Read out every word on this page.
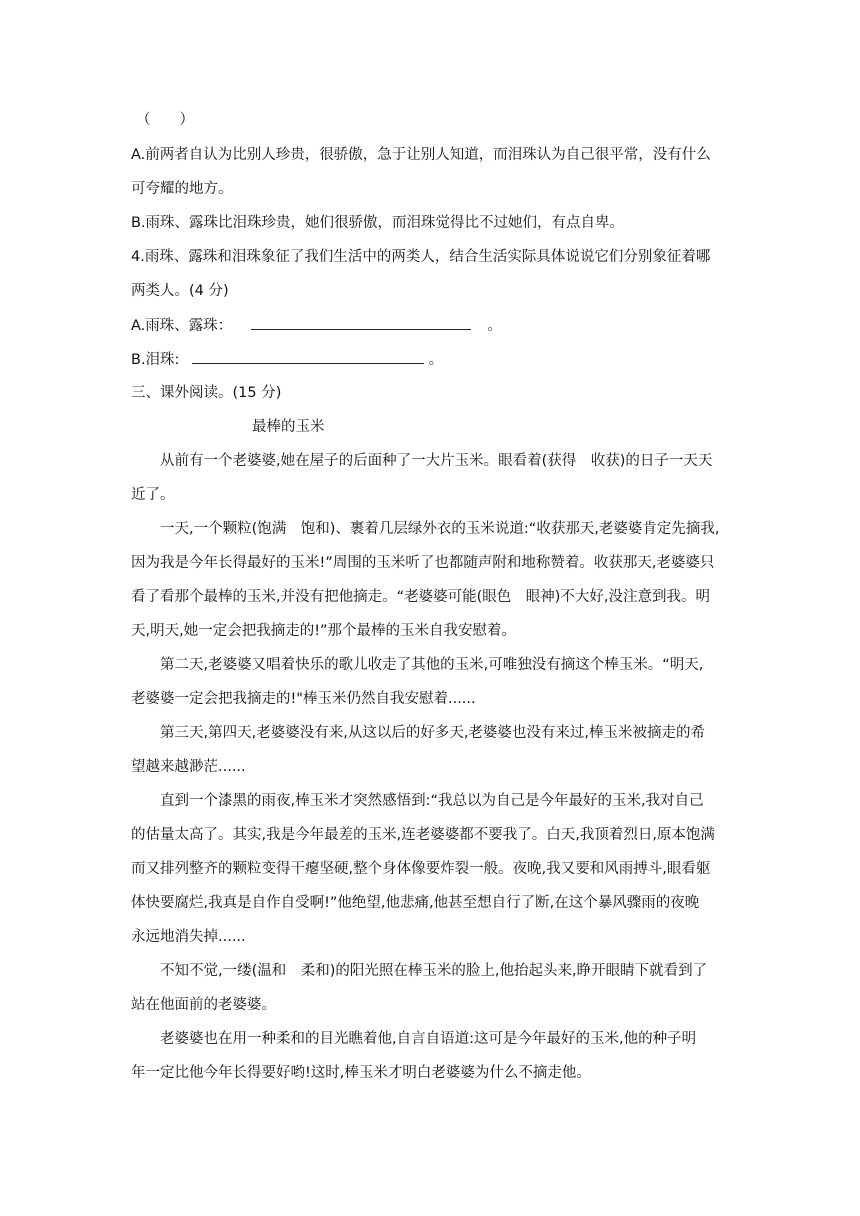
（　　）
A.前两者自认为比别人珍贵，很骄傲，急于让别人知道，而泪珠认为自己很平常，没有什么
可夸耀的地方。
B.雨珠、露珠比泪珠珍贵，她们很骄傲，而泪珠觉得比不过她们，有点自卑。
4.雨珠、露珠和泪珠象征了我们生活中的两类人，结合生活实际具体说说它们分别象征着哪
两类人。(4 分)
A.雨珠、露珠：	。
B.泪珠:	。
三、课外阅读。(15 分)
最棒的玉米
从前有一个老婆婆,她在屋子的后面种了一大片玉米。眼看着(获得　收获)的日子一天天
近了。
一天,一个颗粒(饱满　饱和)、裹着几层绿外衣的玉米说道:“收获那天,老婆婆肯定先摘我,
因为我是今年长得最好的玉米!”周围的玉米听了也都随声附和地称赞着。收获那天,老婆婆只
看了看那个最棒的玉米,并没有把他摘走。“老婆婆可能(眼色　眼神)不大好,没注意到我。明
天,明天,她一定会把我摘走的!”那个最棒的玉米自我安慰着。
第二天,老婆婆又唱着快乐的歌儿收走了其他的玉米,可唯独没有摘这个棒玉米。“明天,
老婆婆一定会把我摘走的!"棒玉米仍然自我安慰着......
第三天,第四天,老婆婆没有来,从这以后的好多天,老婆婆也没有来过,棒玉米被摘走的希
望越来越渺茫......
直到一个漆黑的雨夜,棒玉米才突然感悟到:“我总以为自己是今年最好的玉米,我对自己
的估量太高了。其实,我是今年最差的玉米,连老婆婆都不要我了。白天,我顶着烈日,原本饱满
而又排列整齐的颗粒变得干瘪坚硬,整个身体像要炸裂一般。夜晚,我又要和风雨搏斗,眼看躯
体快要腐烂,我真是自作自受啊!”他绝望,他悲痛,他甚至想自行了断,在这个暴风骤雨的夜晚
永远地消失掉......
不知不觉,一缕(温和　柔和)的阳光照在棒玉米的脸上,他抬起头来,睁开眼睛下就看到了
站在他面前的老婆婆。
老婆婆也在用一种柔和的目光瞧着他,自言自语道:这可是今年最好的玉米,他的种子明
年一定比他今年长得要好哟!这时,棒玉米才明白老婆婆为什么不摘走他。
